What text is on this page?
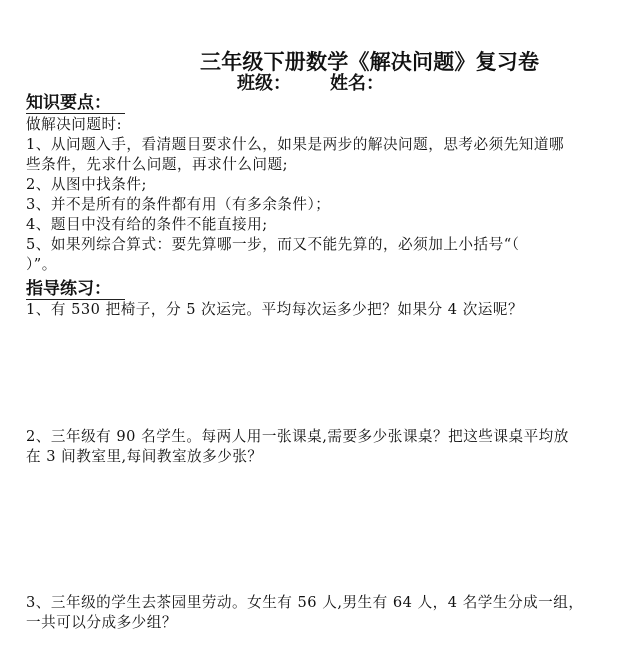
三年级下册数学《解决问题》复习卷
班级： 姓名：
知识要点：
做解决问题时:
1、从问题入手，看清题目要求什么，如果是两步的解决问题，思考必须先知道哪
些条件，先求什么问题，再求什么问题;
2、从图中找条件;
3、并不是所有的条件都有用（有多余条件）；
4、题目中没有给的条件不能直接用;
5、如果列综合算式：要先算哪一步，而又不能先算的，必须加上小括号“（
）”。
指导练习：
1、有 530 把椅子，分 5 次运完。平均每次运多少把？如果分 4 次运呢？
2、三年级有 90 名学生。每两人用一张课桌,需要多少张课桌？把这些课桌平均放
在 3 间教室里,每间教室放多少张？
3、三年级的学生去茶园里劳动。女生有 56 人,男生有 64 人，4 名学生分成一组，
一共可以分成多少组？
